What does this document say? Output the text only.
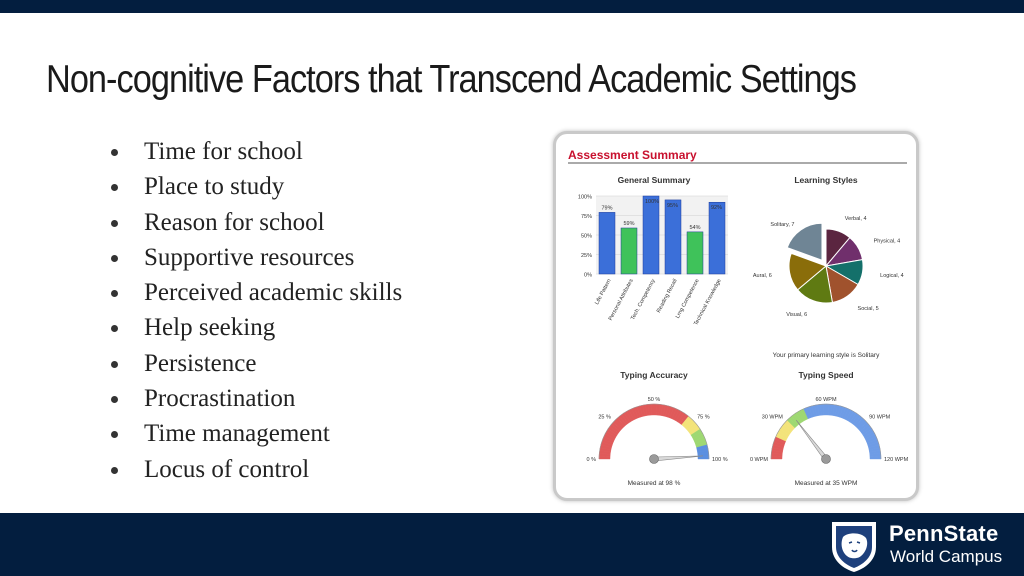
Non-cognitive Factors that Transcend Academic Settings
Time for school
Place to study
Reason for school
Supportive resources
Perceived academic skills
Help seeking
Persistence
Procrastination
Time management
Locus of control
Assessment Summary
General Summary	Learning Styles
100%
75%
50%
25%
0%
79%
Life Pattern
59%
Personal Attributes
100%
Tech. Competency
95%
Reading Recall
54%
Lrng Competence
92%
Technical Knowledge
Verbal, 4
Physical, 4
Logical, 4
Social, 5
Visual, 6
Aural, 6
Solitary, 7
Your primary learning style is Solitary
Typing Accuracy	Typing Speed
0 %
25 %
50 %
75 %
100 %	0 WPM
30 WPM
60 WPM
90 WPM
120 WPM
Measured at 98 %	Measured at 35 WPM
PennState
World Campus
